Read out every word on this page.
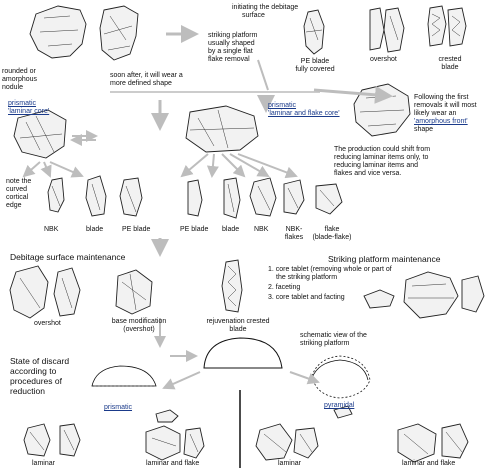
rounded or
amorphous
nodule
initiating the debitage
surface
striking platform
usually shaped
by a single flat
flake removal	PE blade
fully covered
overshot	crested
blade
soon after, it will wear a
more defined shape
prismatic
'laminar core'
prismatic
'laminar and flake core'
Following the first
removals it will most
likely wear an
'amorphous front'
shape
The production could shift from
reducing laminar items only, to
reducing laminar items and
flakes and vice versa.
note the
curved
cortical
edge
NBK	blade	PE blade	PE blade blade NBK	NBK-
flakes
flake
(blade-flake)
Debitage surface maintenance
overshot	base modification
(overshot)
rejuvenation crested
blade
Striking platform maintenance
1. core tablet (removing whole or part of
the striking platform
2. faceting
3. core tablet and facting
State of discard
according to
procedures of
reduction
schematic view of the
striking platform
prismatic	pyramidal
laminar	laminar and flake	laminar	laminar and flake
